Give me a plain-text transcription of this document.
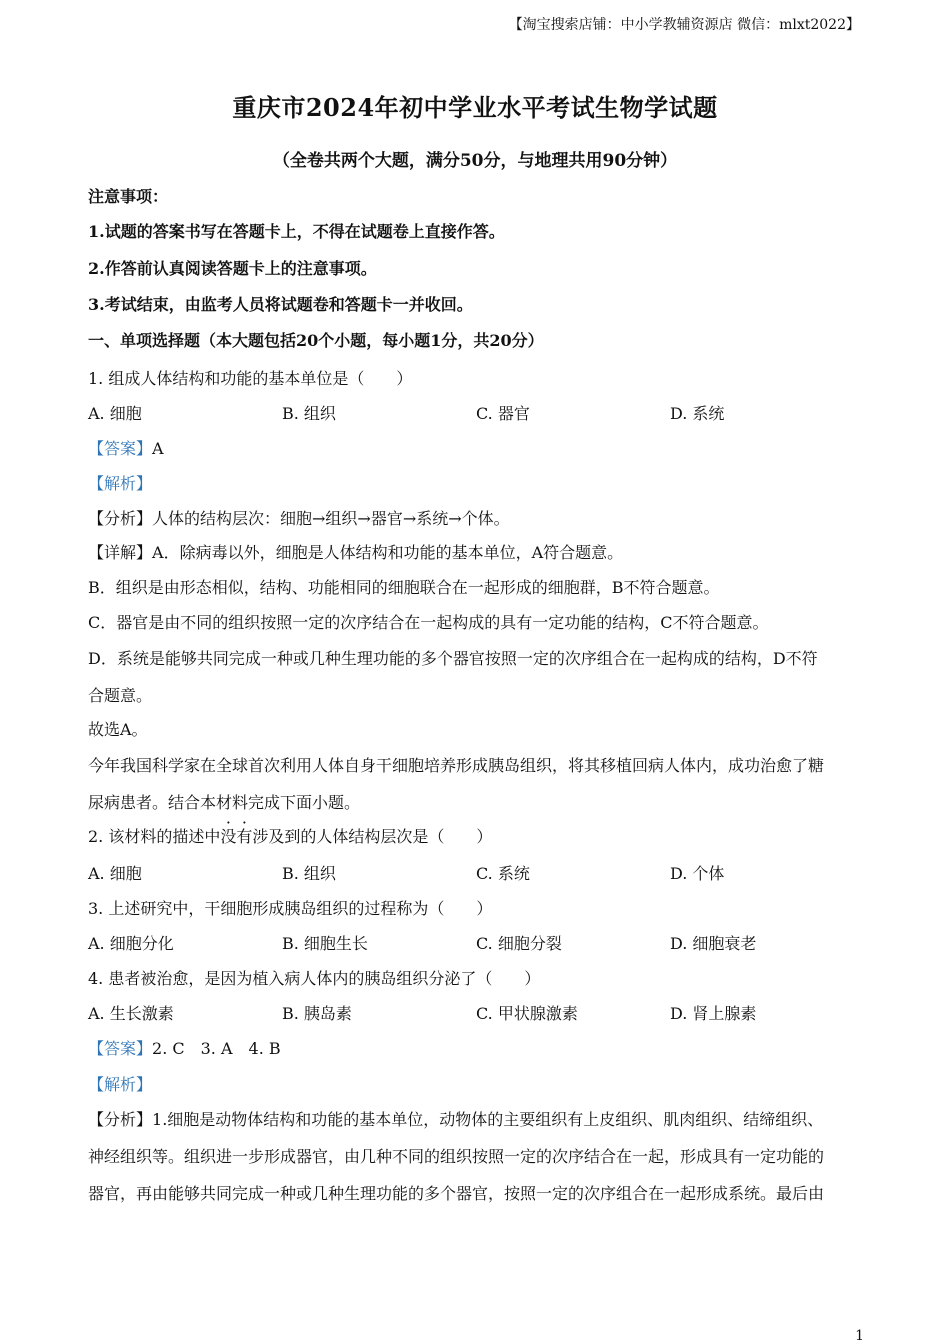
【淘宝搜索店铺：中小学教辅资源店 微信：mlxt2022】
重庆市2024年初中学业水平考试生物学试题
（全卷共两个大题，满分50分，与地理共用90分钟）
注意事项：
1.试题的答案书写在答题卡上，不得在试题卷上直接作答。
2.作答前认真阅读答题卡上的注意事项。
3.考试结束，由监考人员将试题卷和答题卡一并收回。
一、单项选择题（本大题包括20个小题，每小题1分，共20分）
1. 组成人体结构和功能的基本单位是（　　）
A. 细胞	B. 组织	C. 器官	D. 系统
【答案】A
【解析】
【分析】人体的结构层次：细胞→组织→器官→系统→个体。
【详解】A．除病毒以外，细胞是人体结构和功能的基本单位，A符合题意。
B．组织是由形态相似，结构、功能相同的细胞联合在一起形成的细胞群，B不符合题意。
C．器官是由不同的组织按照一定的次序结合在一起构成的具有一定功能的结构，C不符合题意。
D．系统是能够共同完成一种或几种生理功能的多个器官按照一定的次序组合在一起构成的结构，D不符
合题意。
故选A。
今年我国科学家在全球首次利用人体自身干细胞培养形成胰岛组织，将其移植回病人体内，成功治愈了糖
尿病患者。结合本材料完成下面小题。
2. 该材料的描述中没有涉及到的人体结构层次是（　　）
A. 细胞	B. 组织	C. 系统	D. 个体
3. 上述研究中，干细胞形成胰岛组织的过程称为（　　）
A. 细胞分化	B. 细胞生长	C. 细胞分裂	D. 细胞衰老
4. 患者被治愈，是因为植入病人体内的胰岛组织分泌了（　　）
A. 生长激素	B. 胰岛素	C. 甲状腺激素	D. 肾上腺素
【答案】2. C　3. A　4. B
【解析】
【分析】1.细胞是动物体结构和功能的基本单位，动物体的主要组织有上皮组织、肌肉组织、结缔组织、
神经组织等。组织进一步形成器官，由几种不同的组织按照一定的次序结合在一起，形成具有一定功能的
器官，再由能够共同完成一种或几种生理功能的多个器官，按照一定的次序组合在一起形成系统。最后由
1
